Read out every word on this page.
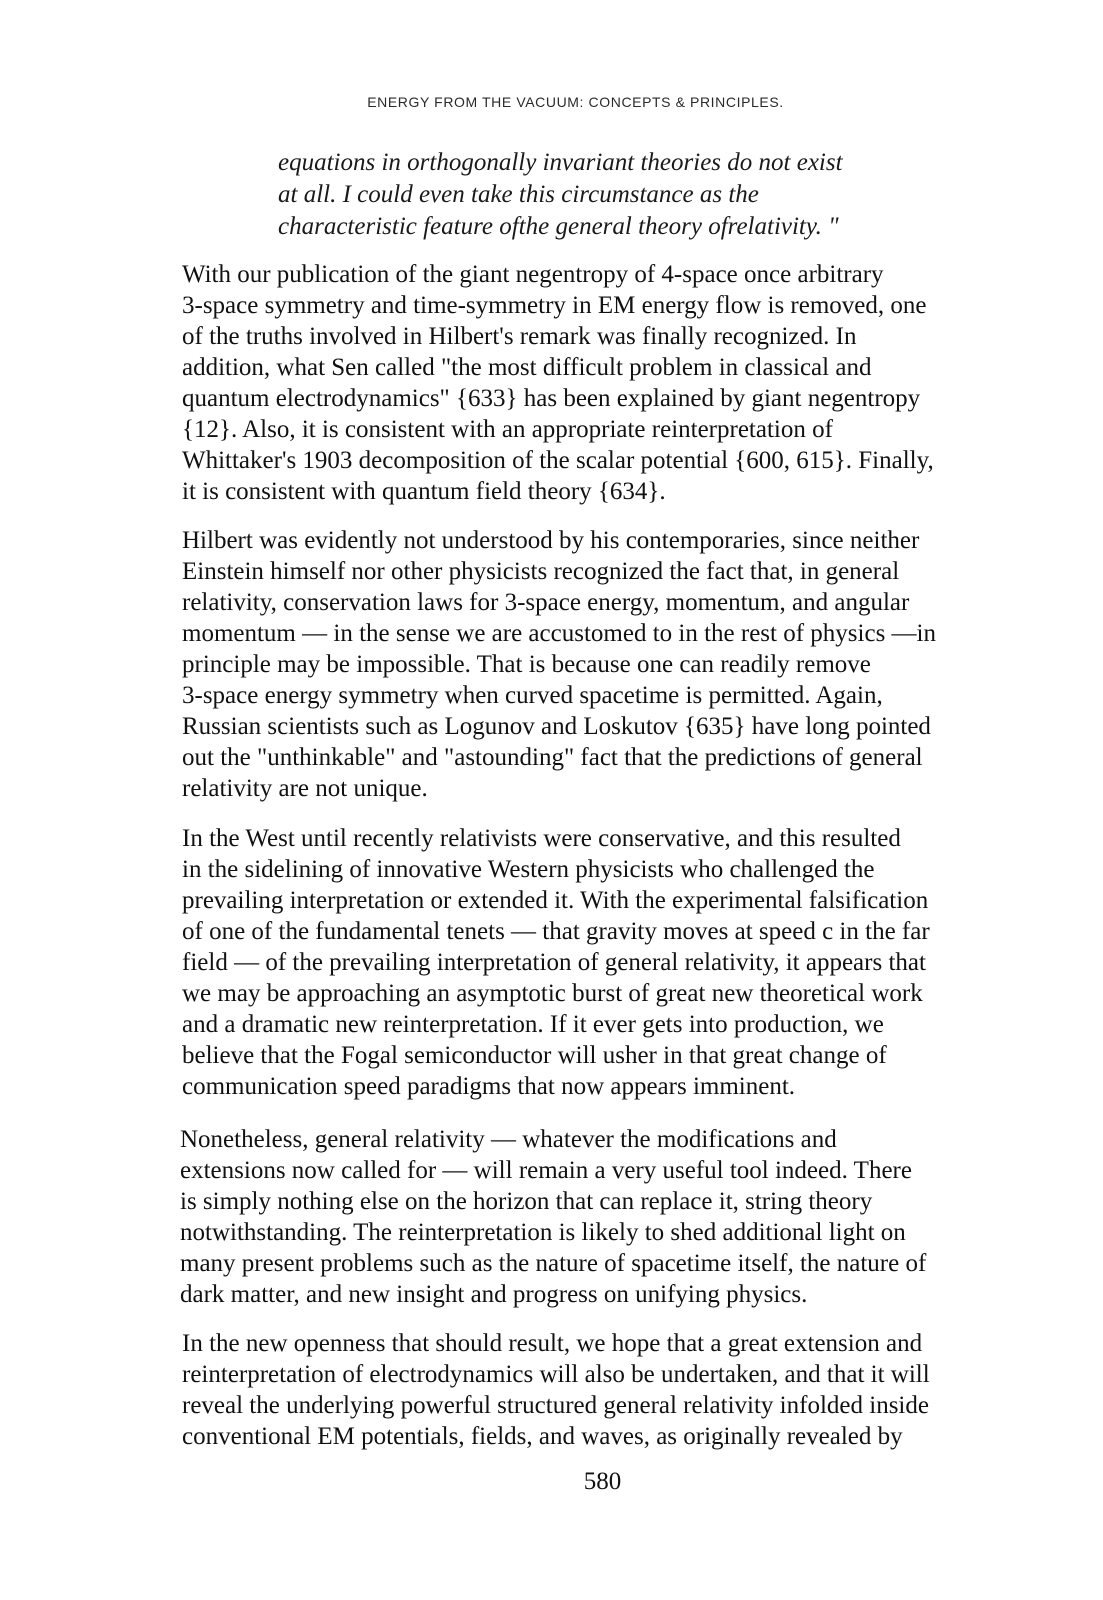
ENERGY FROM THE VACUUM: CONCEPTS & PRINCIPLES.
equations in orthogonally invariant theories do not exist
at all. I could even take this circumstance as the
characteristic feature ofthe general theory ofrelativity. "
With our publication of the giant negentropy of 4-space once arbitrary
3-space symmetry and time-symmetry in EM energy flow is removed, one
of the truths involved in Hilbert's remark was finally recognized. In
addition, what Sen called "the most difficult problem in classical and
quantum electrodynamics" {633} has been explained by giant negentropy
{12}. Also, it is consistent with an appropriate reinterpretation of
Whittaker's 1903 decomposition of the scalar potential {600, 615}. Finally,
it is consistent with quantum field theory {634}.
Hilbert was evidently not understood by his contemporaries, since neither
Einstein himself nor other physicists recognized the fact that, in general
relativity, conservation laws for 3-space energy, momentum, and angular
momentum — in the sense we are accustomed to in the rest of physics —in
principle may be impossible. That is because one can readily remove
3-space energy symmetry when curved spacetime is permitted. Again,
Russian scientists such as Logunov and Loskutov {635} have long pointed
out the "unthinkable" and "astounding" fact that the predictions of general
relativity are not unique.
In the West until recently relativists were conservative, and this resulted
in the sidelining of innovative Western physicists who challenged the
prevailing interpretation or extended it. With the experimental falsification
of one of the fundamental tenets — that gravity moves at speed c in the far
field — of the prevailing interpretation of general relativity, it appears that
we may be approaching an asymptotic burst of great new theoretical work
and a dramatic new reinterpretation. If it ever gets into production, we
believe that the Fogal semiconductor will usher in that great change of
communication speed paradigms that now appears imminent.
Nonetheless, general relativity — whatever the modifications and
extensions now called for — will remain a very useful tool indeed. There
is simply nothing else on the horizon that can replace it, string theory
notwithstanding. The reinterpretation is likely to shed additional light on
many present problems such as the nature of spacetime itself, the nature of
dark matter, and new insight and progress on unifying physics.
In the new openness that should result, we hope that a great extension and
reinterpretation of electrodynamics will also be undertaken, and that it will
reveal the underlying powerful structured general relativity infolded inside
conventional EM potentials, fields, and waves, as originally revealed by
580
